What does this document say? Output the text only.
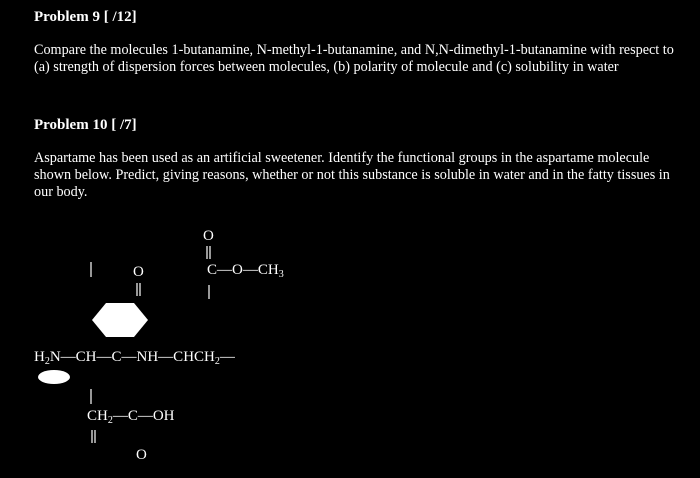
Problem 9 [ /12]
Compare the molecules 1-butanamine, N-methyl-1-butanamine, and N,N-dimethyl-1-butanamine with respect to (a) strength of dispersion forces between molecules, (b) polarity of molecule and (c) solubility in water
Problem 10 [ /7]
Aspartame has been used as an artificial sweetener. Identify the functional groups in the aspartame molecule shown below. Predict, giving reasons, whether or not this substance is soluble in water and in the fatty tissues in our body.
O
$C—O—CH_3$
O
$H_2N—CH—C—NH—CHCH_2—$
$CH_2—C—OH$
O
